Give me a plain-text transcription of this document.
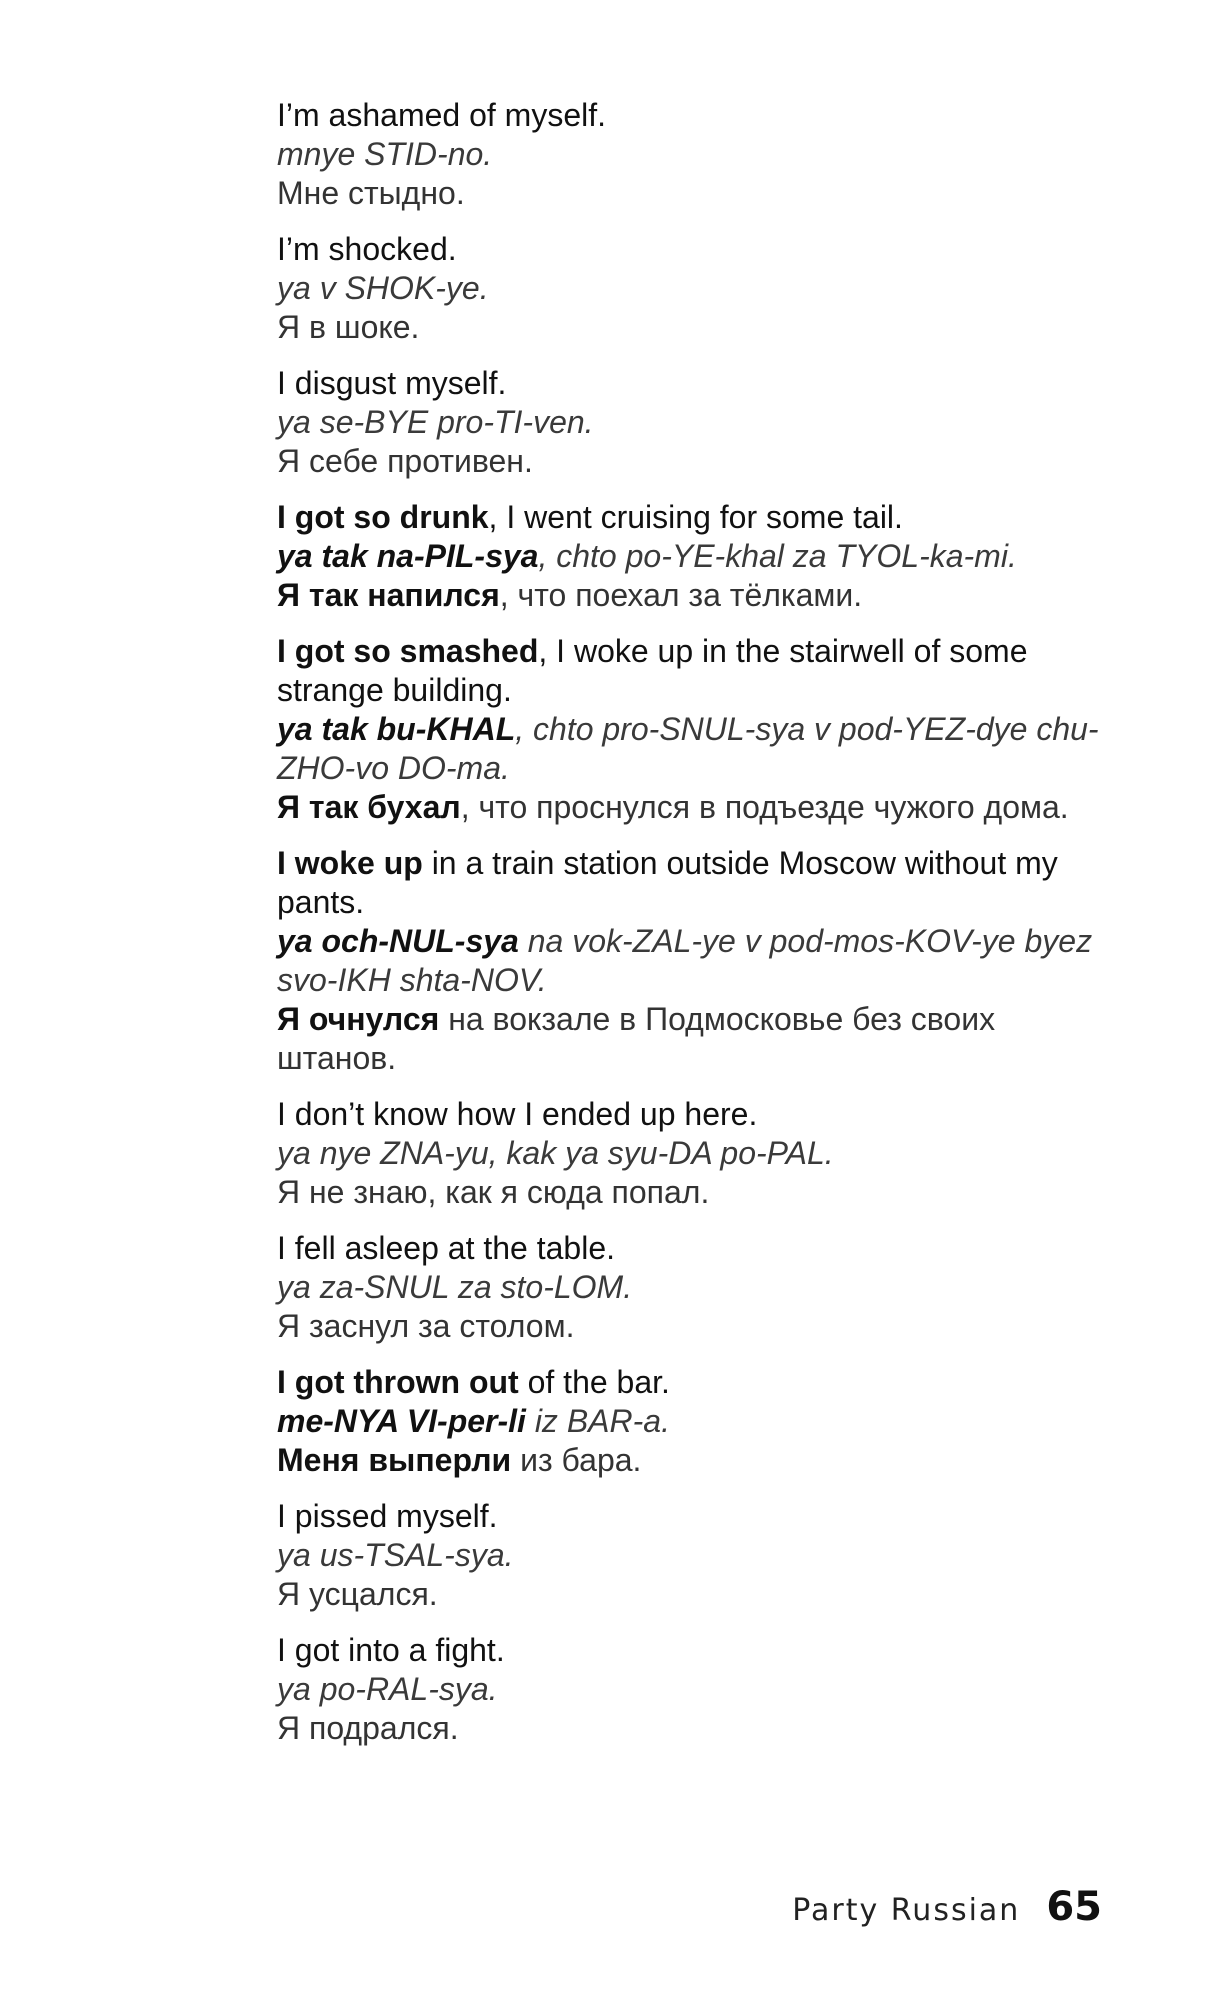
I’m ashamed of myself.

mnye STID-no.

Мне стыдно.

I’m shocked.

ya v SHOK-ye.

Я в шоке.

I disgust myself.

ya se-BYE pro-TI-ven.

Я себе противен.

I got so drunk, I went cruising for some tail.

ya tak na-PIL-sya, chto po-YE-khal za TYOL-ka-mi.

Я так напился, что поехал за тёлками.

I got so smashed, I woke up in the stairwell of some strange building.

ya tak bu-KHAL, chto pro-SNUL-sya v pod-YEZ-dye chu-ZHO-vo DO-ma.

Я так бухал, что проснулся в подъезде чужого дома.

I woke up in a train station outside Moscow without my pants.

ya och-NUL-sya na vok-ZAL-ye v pod-mos-KOV-ye byez svo-IKH shta-NOV.

Я очнулся на вокзале в Подмосковье без своих штанов.

I don’t know how I ended up here.

ya nye ZNA-yu, kak ya syu-DA po-PAL.

Я не знаю, как я сюда попал.

I fell asleep at the table.

ya za-SNUL za sto-LOM.

Я заснул за столом.

I got thrown out of the bar.

me-NYA VI-per-li iz BAR-a.

Меня выперли из бара.

I pissed myself.

ya us-TSAL-sya.

Я усцался.

I got into a fight.

ya po-RAL-sya.

Я подрался.

Party Russian 65
